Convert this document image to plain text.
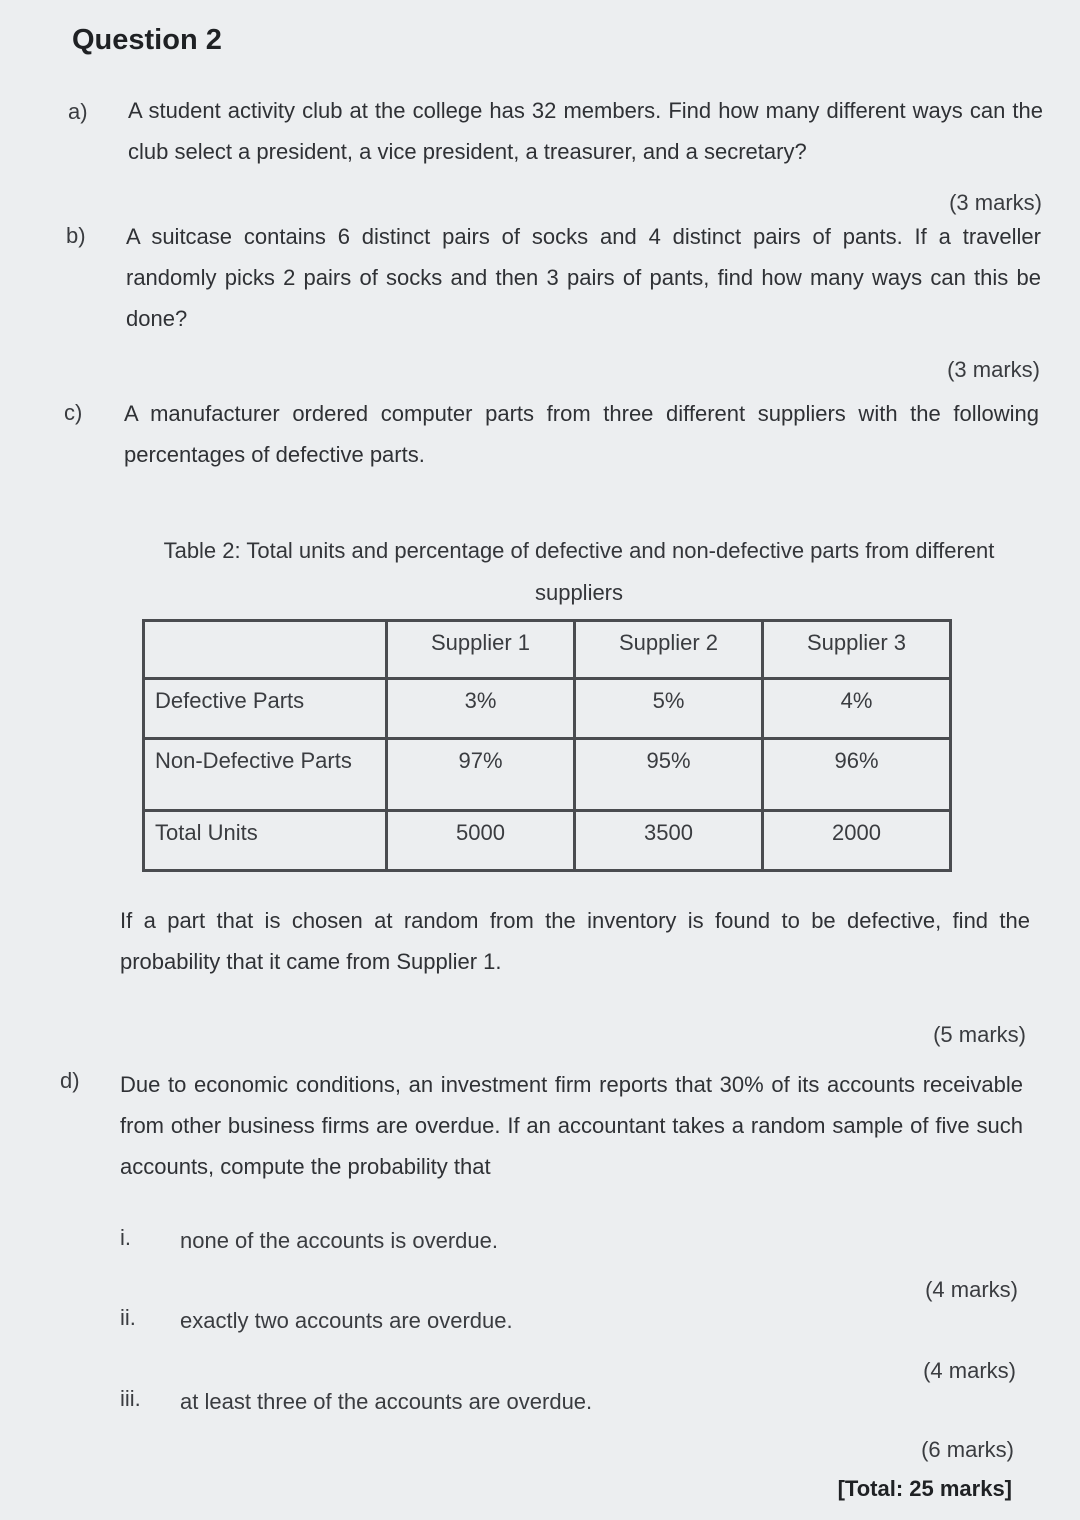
Question 2
a) A student activity club at the college has 32 members. Find how many different ways can the club select a president, a vice president, a treasurer, and a secretary?
(3 marks)
b) A suitcase contains 6 distinct pairs of socks and 4 distinct pairs of pants. If a traveller randomly picks 2 pairs of socks and then 3 pairs of pants, find how many ways can this be done?
(3 marks)
c) A manufacturer ordered computer parts from three different suppliers with the following percentages of defective parts.
Table 2: Total units and percentage of defective and non-defective parts from different suppliers
	Supplier 1	Supplier 2	Supplier 3
Defective Parts	3%	5%	4%
Non-Defective Parts	97%	95%	96%
Total Units	5000	3500	2000
If a part that is chosen at random from the inventory is found to be defective, find the probability that it came from Supplier 1.
(5 marks)
d) Due to economic conditions, an investment firm reports that 30% of its accounts receivable from other business firms are overdue. If an accountant takes a random sample of five such accounts, compute the probability that
i. none of the accounts is overdue.
(4 marks)
ii. exactly two accounts are overdue.
(4 marks)
iii. at least three of the accounts are overdue.
(6 marks)
[Total: 25 marks]
